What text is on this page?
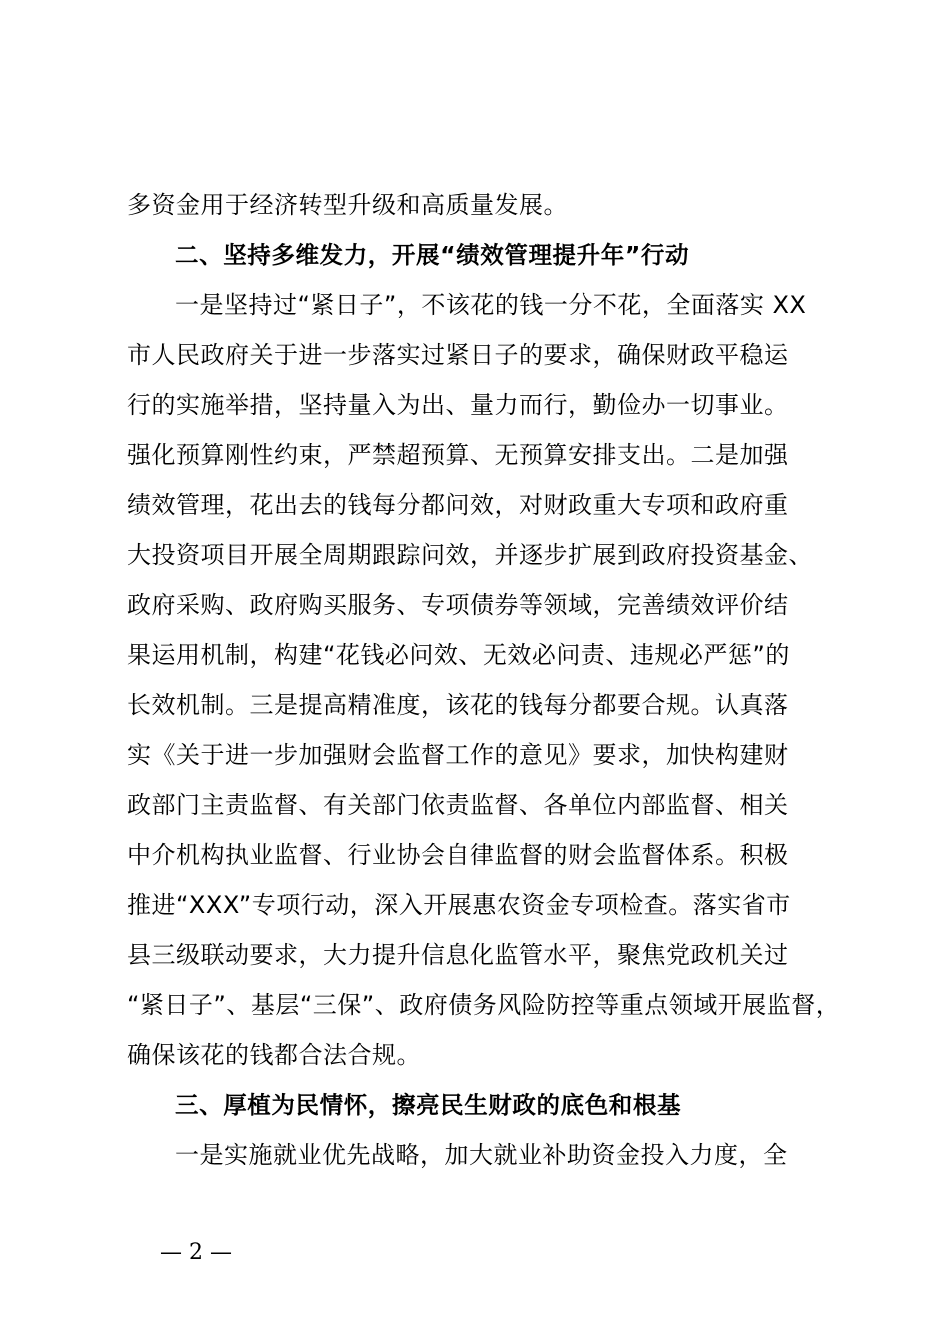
多资金用于经济转型升级和高质量发展。
二、坚持多维发力，开展“绩效管理提升年”行动
一是坚持过“紧日子”，不该花的钱一分不花，全面落实 XX
市人民政府关于进一步落实过紧日子的要求，确保财政平稳运
行的实施举措，坚持量入为出、量力而行，勤俭办一切事业。
强化预算刚性约束，严禁超预算、无预算安排支出。二是加强
绩效管理，花出去的钱每分都问效，对财政重大专项和政府重
大投资项目开展全周期跟踪问效，并逐步扩展到政府投资基金、
政府采购、政府购买服务、专项债券等领域，完善绩效评价结
果运用机制，构建“花钱必问效、无效必问责、违规必严惩”的
长效机制。三是提高精准度，该花的钱每分都要合规。认真落
实《关于进一步加强财会监督工作的意见》要求，加快构建财
政部门主责监督、有关部门依责监督、各单位内部监督、相关
中介机构执业监督、行业协会自律监督的财会监督体系。积极
推进“XXX”专项行动，深入开展惠农资金专项检查。落实省市
县三级联动要求，大力提升信息化监管水平，聚焦党政机关过
“紧日子”、基层“三保”、政府债务风险防控等重点领域开展监督，
确保该花的钱都合法合规。
三、厚植为民情怀，擦亮民生财政的底色和根基
一是实施就业优先战略，加大就业补助资金投入力度，全
— 2 —
